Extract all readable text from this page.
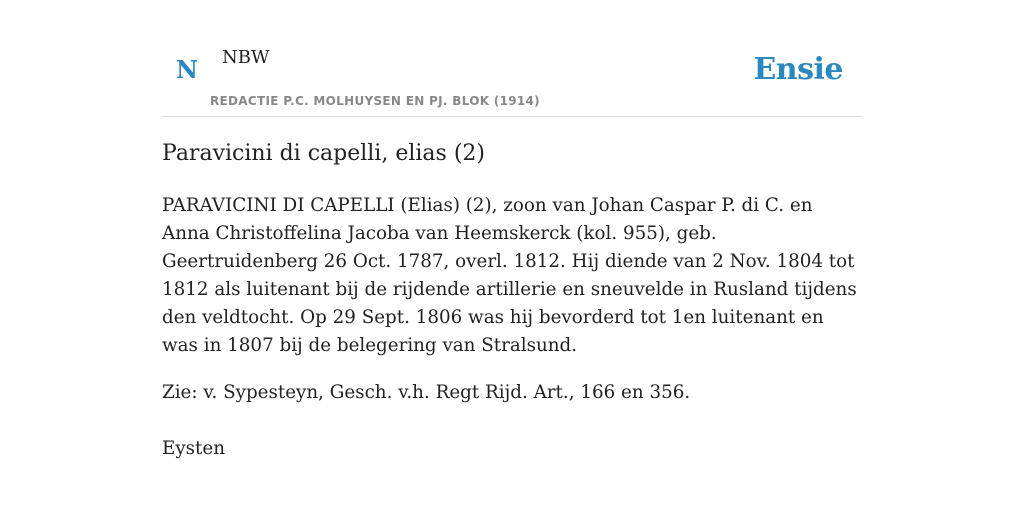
N NBW
REDACTIE P.C. MOLHUYSEN EN PJ. BLOK (1914)
Ensie
Paravicini di capelli, elias (2)

PARAVICINI DI CAPELLI (Elias) (2), zoon van Johan Caspar P. di C. en Anna Christoffelina Jacoba van Heemskerck (kol. 955), geb. Geertruidenberg 26 Oct. 1787, overl. 1812. Hij diende van 2 Nov. 1804 tot 1812 als luitenant bij de rijdende artillerie en sneuvelde in Rusland tijdens den veldtocht. Op 29 Sept. 1806 was hij bevorderd tot 1en luitenant en was in 1807 bij de belegering van Stralsund.

Zie: v. Sypesteyn, Gesch. v.h. Regt Rijd. Art., 166 en 356.

Eysten
